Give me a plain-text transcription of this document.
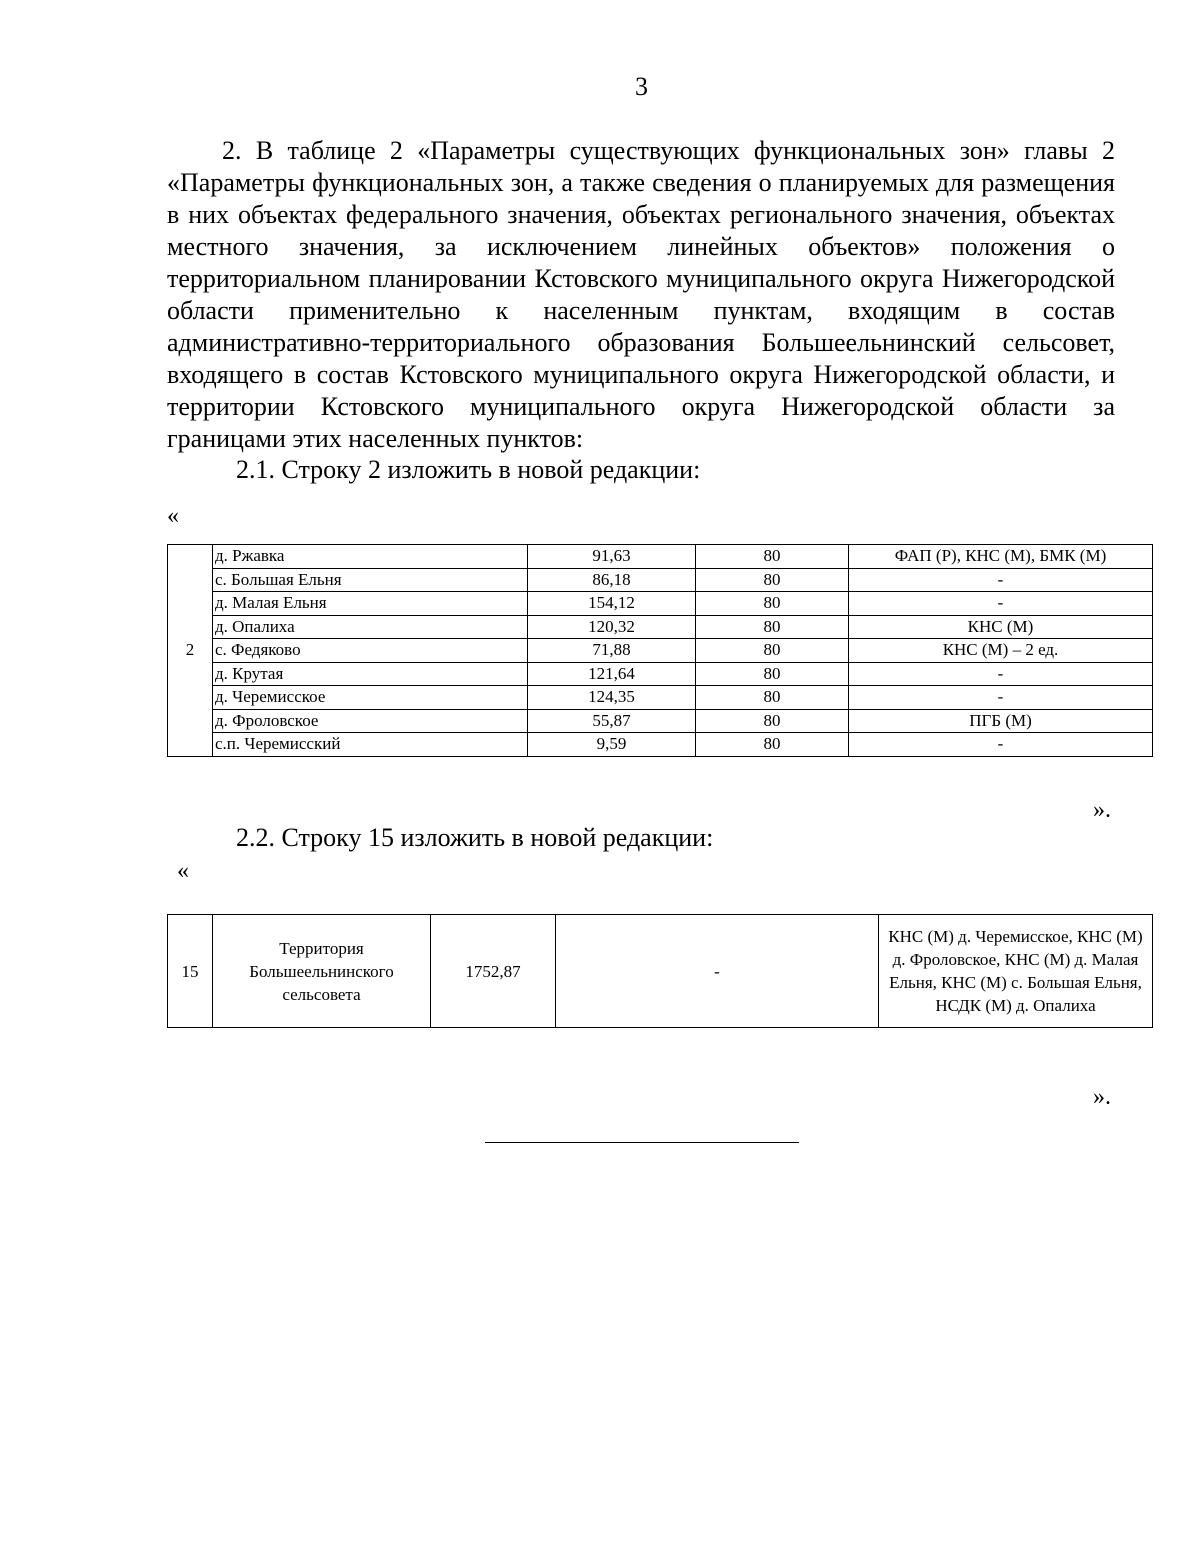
3

2. В таблице 2 «Параметры существующих функциональных зон» главы 2 «Параметры функциональных зон, а также сведения о планируемых для размещения в них объектах федерального значения, объектах регионального значения, объектах местного значения, за исключением линейных объектов» положения о территориальном планировании Кстовского муниципального округа Нижегородской области применительно к населенным пунктам, входящим в состав административно-территориального образования Большеельнинский сельсовет, входящего в состав Кстовского муниципального округа Нижегородской области, и территории Кстовского муниципального округа Нижегородской области за границами этих населенных пунктов:

2.1. Строку 2 изложить в новой редакции:
«
2	д. Ржавка	91,63	80	ФАП (Р), КНС (М), БМК (М)
	с. Большая Ельня	86,18	80	-
	д. Малая Ельня	154,12	80	-
	д. Опалиха	120,32	80	КНС (М)
	с. Федяково	71,88	80	КНС (М) – 2 ед.
	д. Крутая	121,64	80	-
	д. Черемисское	124,35	80	-
	д. Фроловское	55,87	80	ПГБ (М)
	с.п. Черемисский	9,59	80	-
».
2.2. Строку 15 изложить в новой редакции:
«
15	Территория Большеельнинского сельсовета	1752,87	-	КНС (М) д. Черемисское, КНС (М) д. Фроловское, КНС (М) д. Малая Ельня, КНС (М) с. Большая Ельня, НСДК (М) д. Опалиха
».
